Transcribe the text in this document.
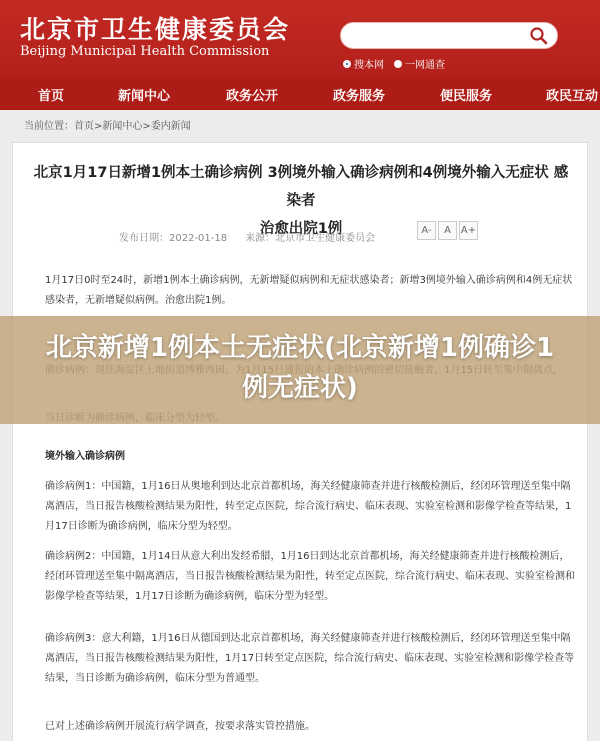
北京市卫生健康委员会
Beijing Municipal Health Commission
搜本网 一网通查
首页	新闻中心	政务公开	政务服务	便民服务	政民互动
当前位置：首页>新闻中心>委内新闻
北京1月17日新增1例本土确诊病例 3例境外输入确诊病例和4例境外输入无症状 感染者
治愈出院1例
发布日期：2022-01-18 来源：北京市卫生健康委员会
A-	A A+
1月17日0时至24时，新增1例本土确诊病例，无新增疑似病例和无症状感染者；新增3例境外输入确诊病例和4例无症状感染者，无新增疑似病例。治愈出院1例。
境外输入确诊病例
确诊病例1：中国籍，1月16日从奥地利到达北京首都机场，海关经健康筛查并进行核酸检测后，经闭环管理送至集中隔离酒店，当日报告核酸检测结果为阳性，转至定点医院，综合流行病史、临床表现、实验室检测和影像学检查等结果，1月17日诊断为确诊病例，临床分型为轻型。
确诊病例2：中国籍，1月14日从意大利出发经希腊，1月16日到达北京首都机场，海关经健康筛查并进行核酸检测后，经闭环管理送至集中隔离酒店，当日报告核酸检测结果为阳性，转至定点医院，综合流行病史、临床表现、实验室检测和影像学检查等结果，1月17日诊断为确诊病例，临床分型为轻型。
确诊病例3：意大利籍，1月16日从德国到达北京首都机场，海关经健康筛查并进行核酸检测后，经闭环管理送至集中隔离酒店，当日报告核酸检测结果为阳性，1月17日转至定点医院，综合流行病史、临床表现、实验室检测和影像学检查等结果，当日诊断为确诊病例，临床分型为普通型。
已对上述确诊病例开展流行病学调查，按要求落实管控措施。
北京新增1例本土无症状(北京新增1例确诊1例无症状)
